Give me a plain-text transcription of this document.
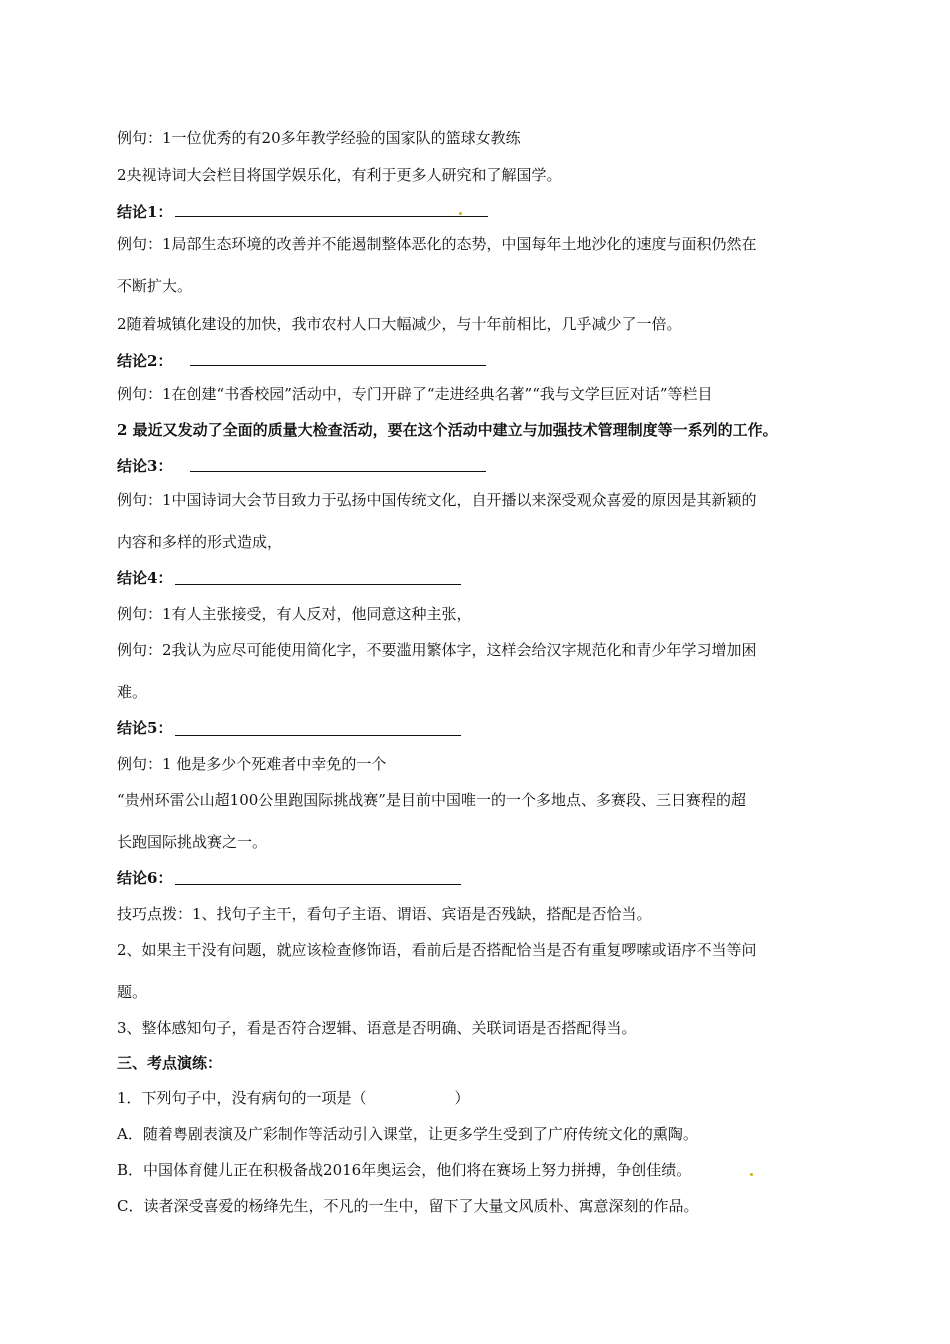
例句：1一位优秀的有20多年教学经验的国家队的篮球女教练
2央视诗词大会栏目将国学娱乐化，有利于更多人研究和了解国学。
结论1：
例句：1局部生态环境的改善并不能遏制整体恶化的态势，中国每年土地沙化的速度与面积仍然在
不断扩大。
2随着城镇化建设的加快，我市农村人口大幅减少，与十年前相比，几乎减少了一倍。
结论2：
例句：1在创建“书香校园”活动中，专门开辟了“走进经典名著”“我与文学巨匠对话”等栏目
2 最近又发动了全面的质量大检查活动，要在这个活动中建立与加强技术管理制度等一系列的工作。
结论3：
例句：1中国诗词大会节目致力于弘扬中国传统文化，自开播以来深受观众喜爱的原因是其新颖的
内容和多样的形式造成，
结论4：
例句：1有人主张接受，有人反对，他同意这种主张，
例句：2我认为应尽可能使用简化字，不要滥用繁体字，这样会给汉字规范化和青少年学习增加困
难。
结论5：
例句：1 他是多少个死难者中幸免的一个
“贵州环雷公山超100公里跑国际挑战赛”是目前中国唯一的一个多地点、多赛段、三日赛程的超
长跑国际挑战赛之一。
结论6：
技巧点拨：1、找句子主干，看句子主语、谓语、宾语是否残缺，搭配是否恰当。
2、如果主干没有问题，就应该检查修饰语，看前后是否搭配恰当是否有重复啰嗦或语序不当等问
题。
3、整体感知句子，看是否符合逻辑、语意是否明确、关联词语是否搭配得当。
三、考点演练：
1．下列句子中，没有病句的一项是（	）
A．随着粤剧表演及广彩制作等活动引入课堂，让更多学生受到了广府传统文化的熏陶。
B．中国体育健儿正在积极备战2016年奥运会，他们将在赛场上努力拼搏，争创佳绩。
C．读者深受喜爱的杨绛先生，不凡的一生中，留下了大量文风质朴、寓意深刻的作品。
